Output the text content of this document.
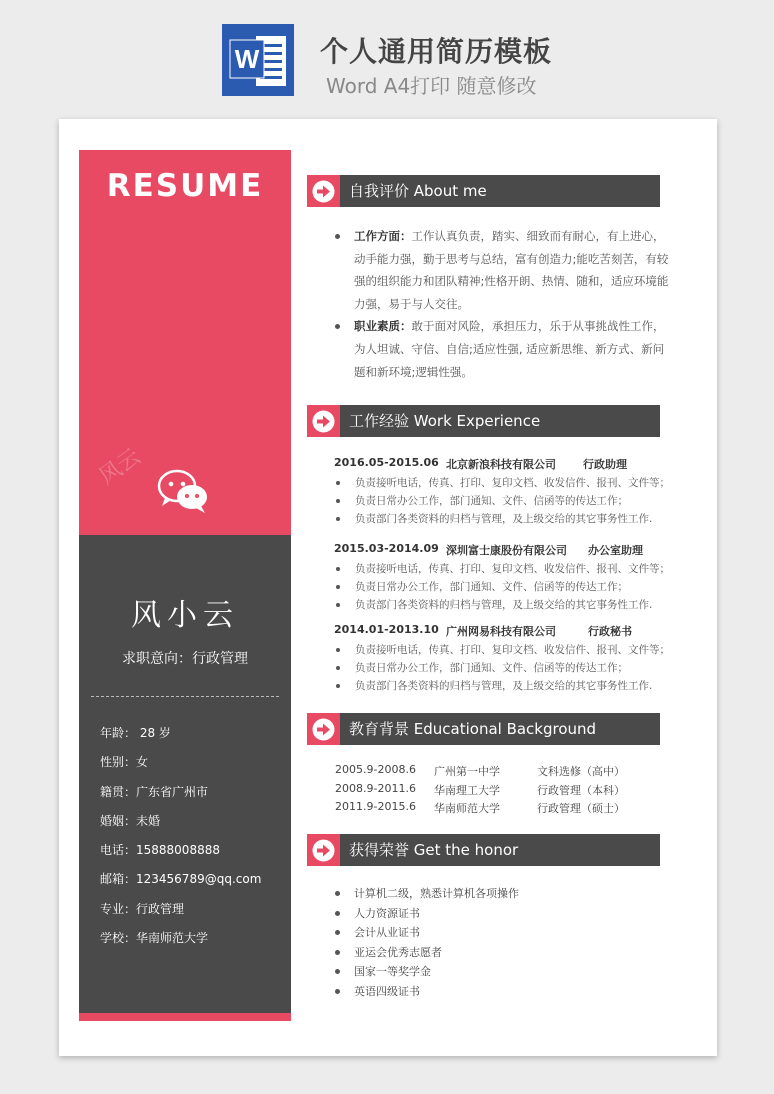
W 个人通用简历模板
Word A4打印 随意修改
RESUME
风云
风小云
求职意向：行政管理
年龄： 28 岁
性别：女
籍贯：广东省广州市
婚姻：未婚
电话：15888008888
邮箱：123456789@qq.com
专业：行政管理
学校：华南师范大学
自我评价 About me
工作方面：工作认真负责，踏实、细致而有耐心，有上进心，动手能力强，勤于思考与总结，富有创造力;能吃苦刻苦，有较强的组织能力和团队精神;性格开朗、热情、随和，适应环境能力强，易于与人交往。
职业素质：敢于面对风险，承担压力，乐于从事挑战性工作，为人坦诚、守信、自信;适应性强, 适应新思维、新方式、新问题和新环境;逻辑性强。
工作经验 Work Experience
2016.05-2015.06 北京新浪科技有限公司 行政助理
负责接听电话，传真、打印、复印文档、收发信件、报刊、文件等；
负责日常办公工作，部门通知、文件、信函等的传达工作；
负责部门各类资料的归档与管理，及上级交给的其它事务性工作.
2015.03-2014.09 深圳富士康股份有限公司 办公室助理
负责接听电话，传真、打印、复印文档、收发信件、报刊、文件等；
负责日常办公工作，部门通知、文件、信函等的传达工作；
负责部门各类资料的归档与管理，及上级交给的其它事务性工作.
2014.01-2013.10 广州网易科技有限公司	行政秘书
负责接听电话，传真、打印、复印文档、收发信件、报刊、文件等；
负责日常办公工作，部门通知、文件、信函等的传达工作；
负责部门各类资料的归档与管理，及上级交给的其它事务性工作.
教育背景 Educational Background
2005.9-2008.6 广州第一中学	文科选修（高中）
2008.9-2011.6 华南理工大学	行政管理（本科）
2011.9-2015.6 华南师范大学	行政管理（硕士）
获得荣誉 Get the honor
计算机二级，熟悉计算机各项操作
人力资源证书
会计从业证书
亚运会优秀志愿者
国家一等奖学金
英语四级证书
